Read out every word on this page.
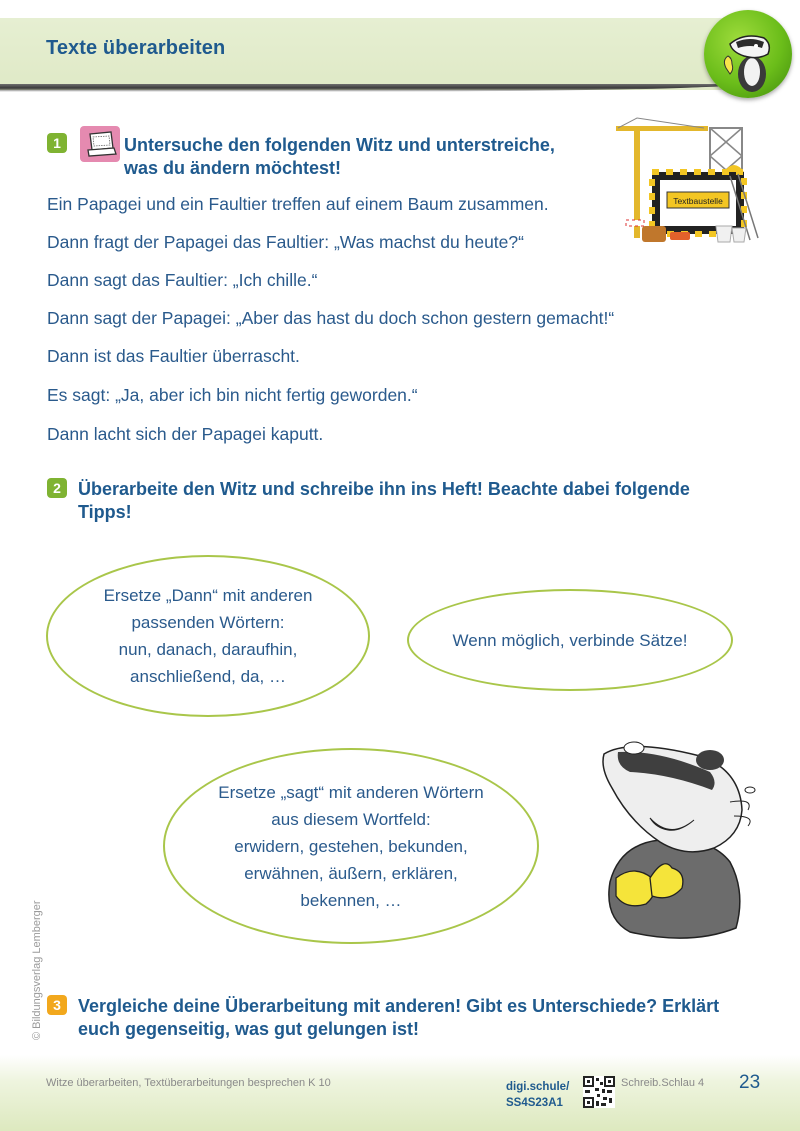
Texte überarbeiten
1	Untersuche den folgenden Witz und unterstreiche,
was du ändern möchtest!
Textbaustelle
Ein Papagei und ein Faultier treffen auf einem Baum zusammen.
Dann fragt der Papagei das Faultier: „Was machst du heute?“
Dann sagt das Faultier: „Ich chille.“
Dann sagt der Papagei: „Aber das hast du doch schon gestern gemacht!“
Dann ist das Faultier überrascht.
Es sagt: „Ja, aber ich bin nicht fertig geworden.“
Dann lacht sich der Papagei kaputt.
2 Überarbeite den Witz und schreibe ihn ins Heft! Beachte dabei folgende
Tipps!
Ersetze „Dann“ mit anderen
passenden Wörtern:
nun, danach, daraufhin,
anschließend, da, …
Wenn möglich, verbinde Sätze!
Ersetze „sagt“ mit anderen Wörtern
aus diesem Wortfeld:
erwidern, gestehen, bekunden,
erwähnen, äußern, erklären,
bekennen, …
© Bildungsverlag Lemberger 3 Vergleiche deine Überarbeitung mit anderen! Gibt es Unterschiede? Erklärt
euch gegenseitig, was gut gelungen ist!
Witze überarbeiten, Textüberarbeitungen besprechen K 10	digi.schule/
SS4S23A1
Schreib.Schlau 4 23
